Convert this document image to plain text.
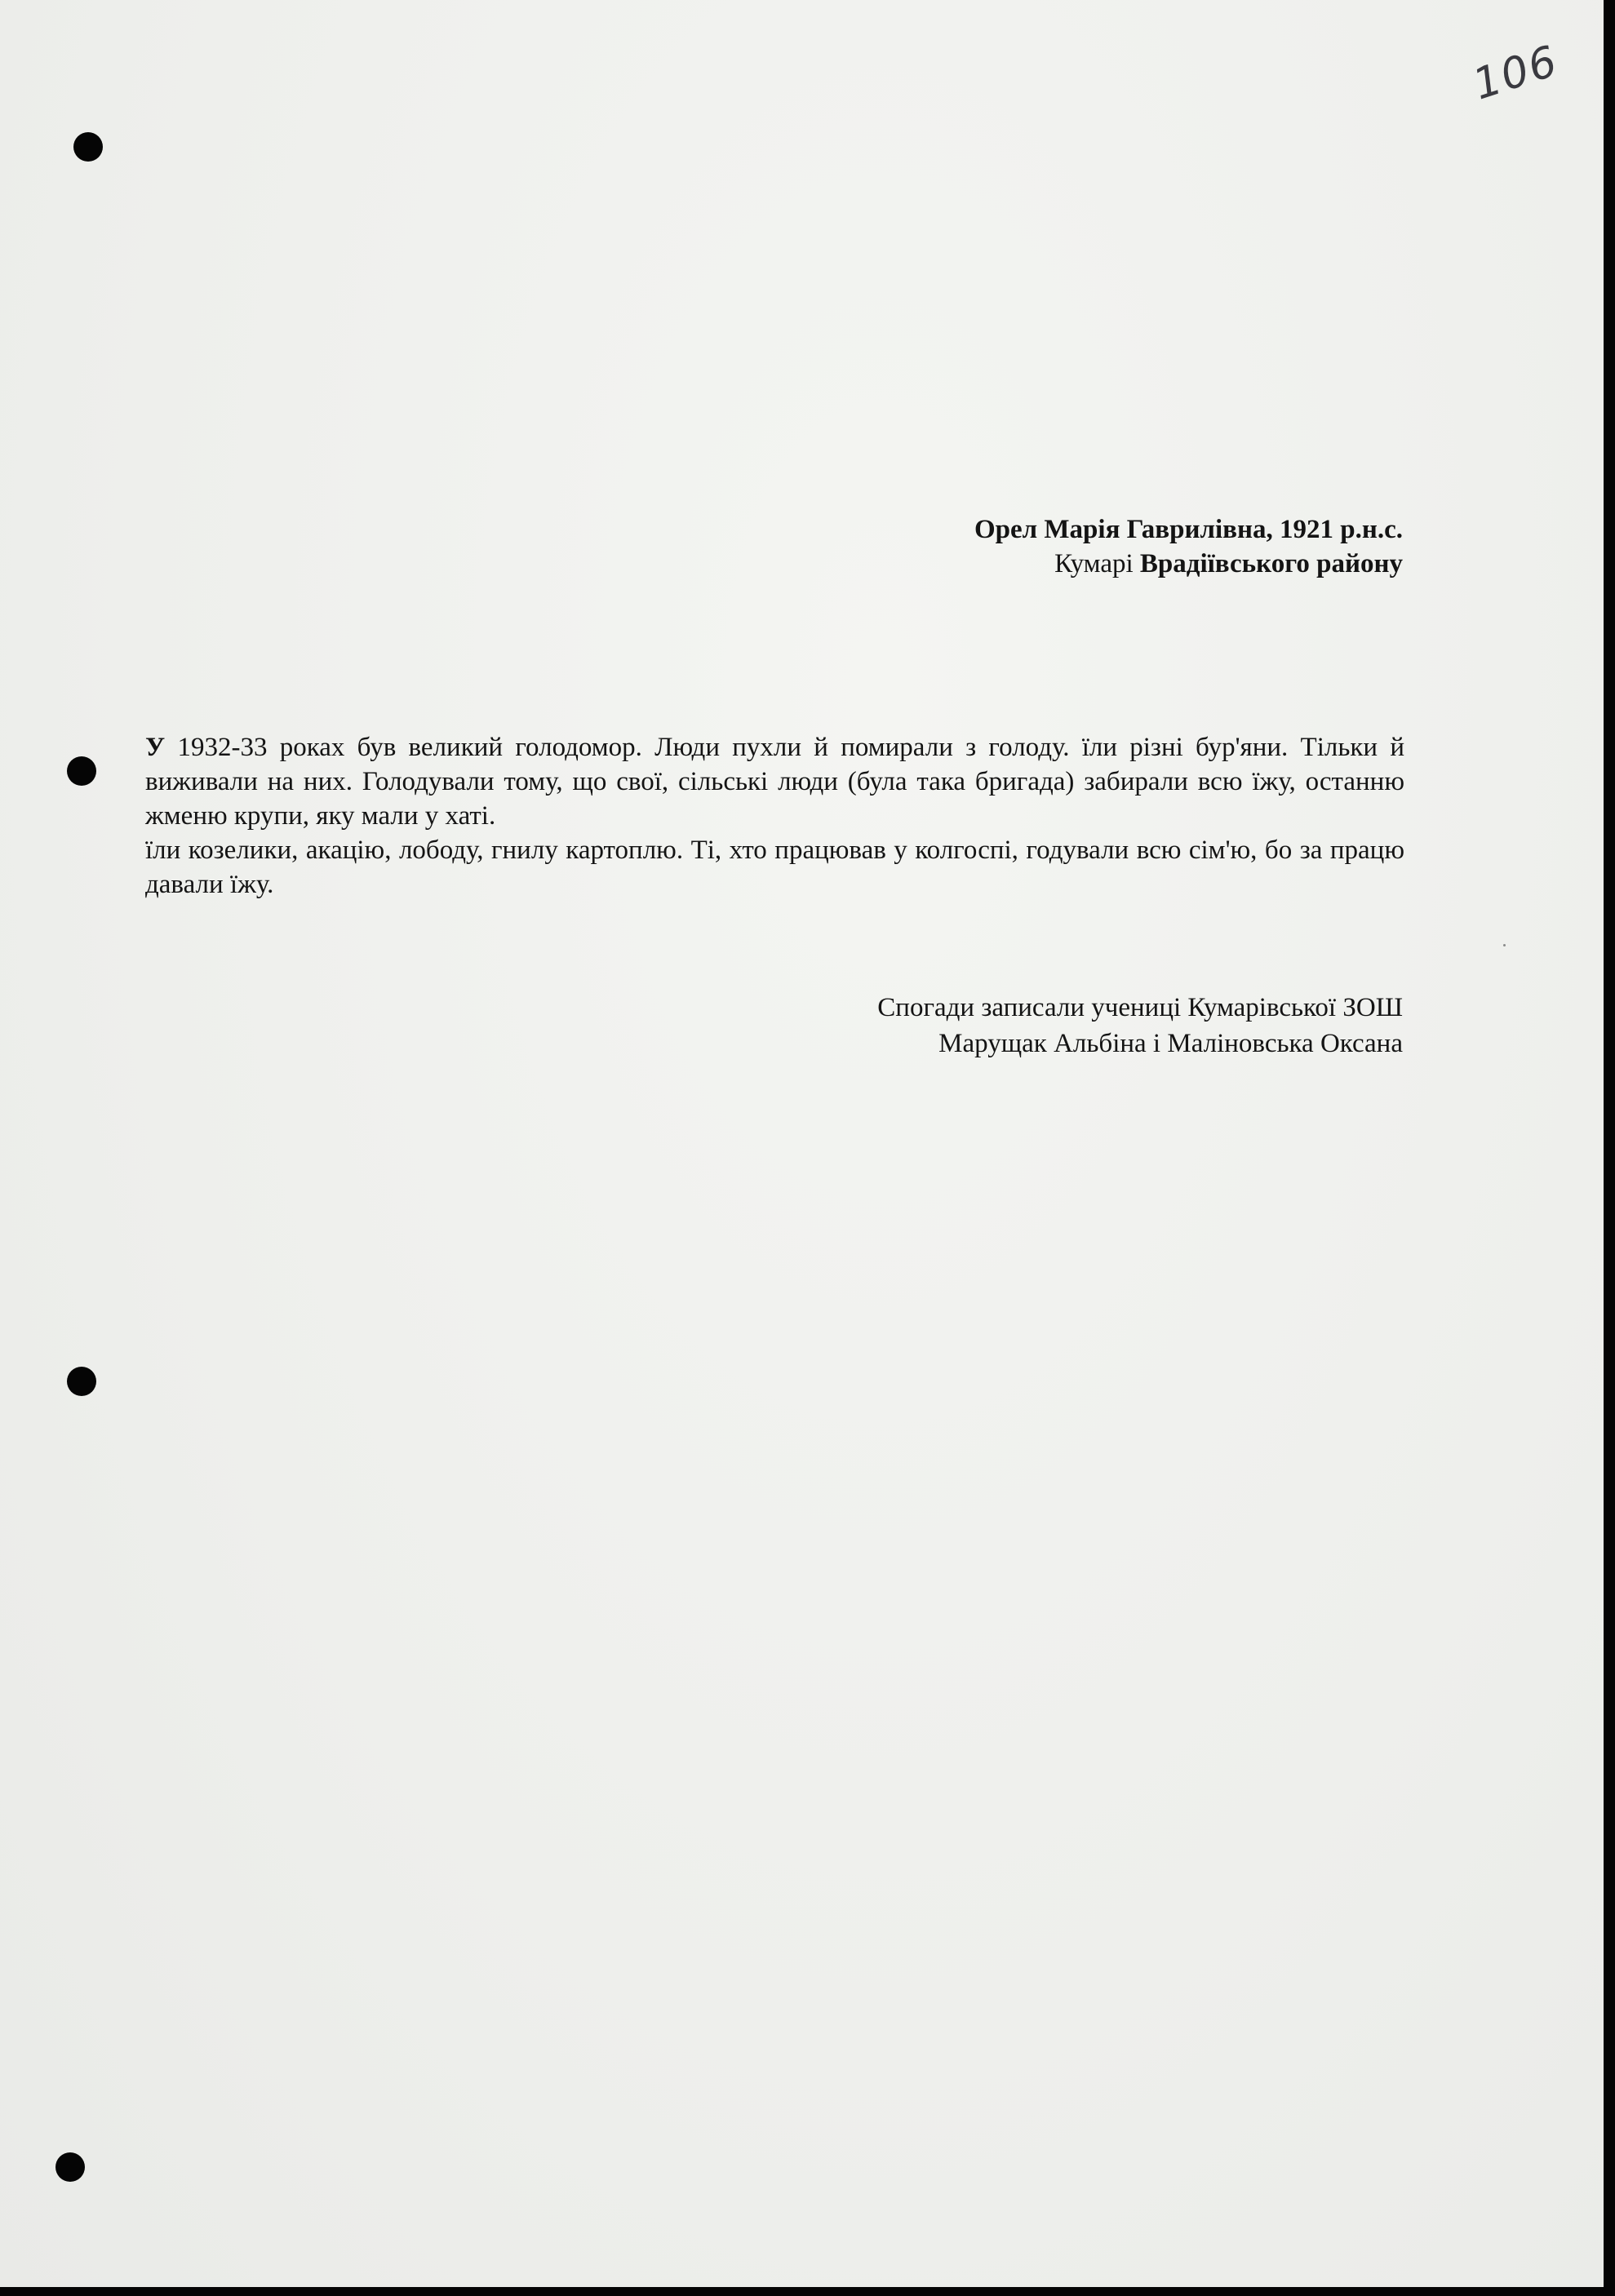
106
Орел Марія Гаврилівна, 1921 р.н.с.
Кумарі Врадіївського району

У 1932-33 роках був великий голодомор. Люди пухли й помирали з голоду. їли різні бур'яни. Тільки й виживали на них. Голодували тому, що свої, сільські люди (була така бригада) забирали всю їжу, останню жменю крупи, яку мали у хаті.

їли козелики, акацію, лободу, гнилу картоплю. Ті, хто працював у колгоспі, годували всю сім'ю, бо за працю давали їжу.

Спогади записали учениці Кумарівської ЗОШ
Марущак Альбіна і Маліновська Оксана
